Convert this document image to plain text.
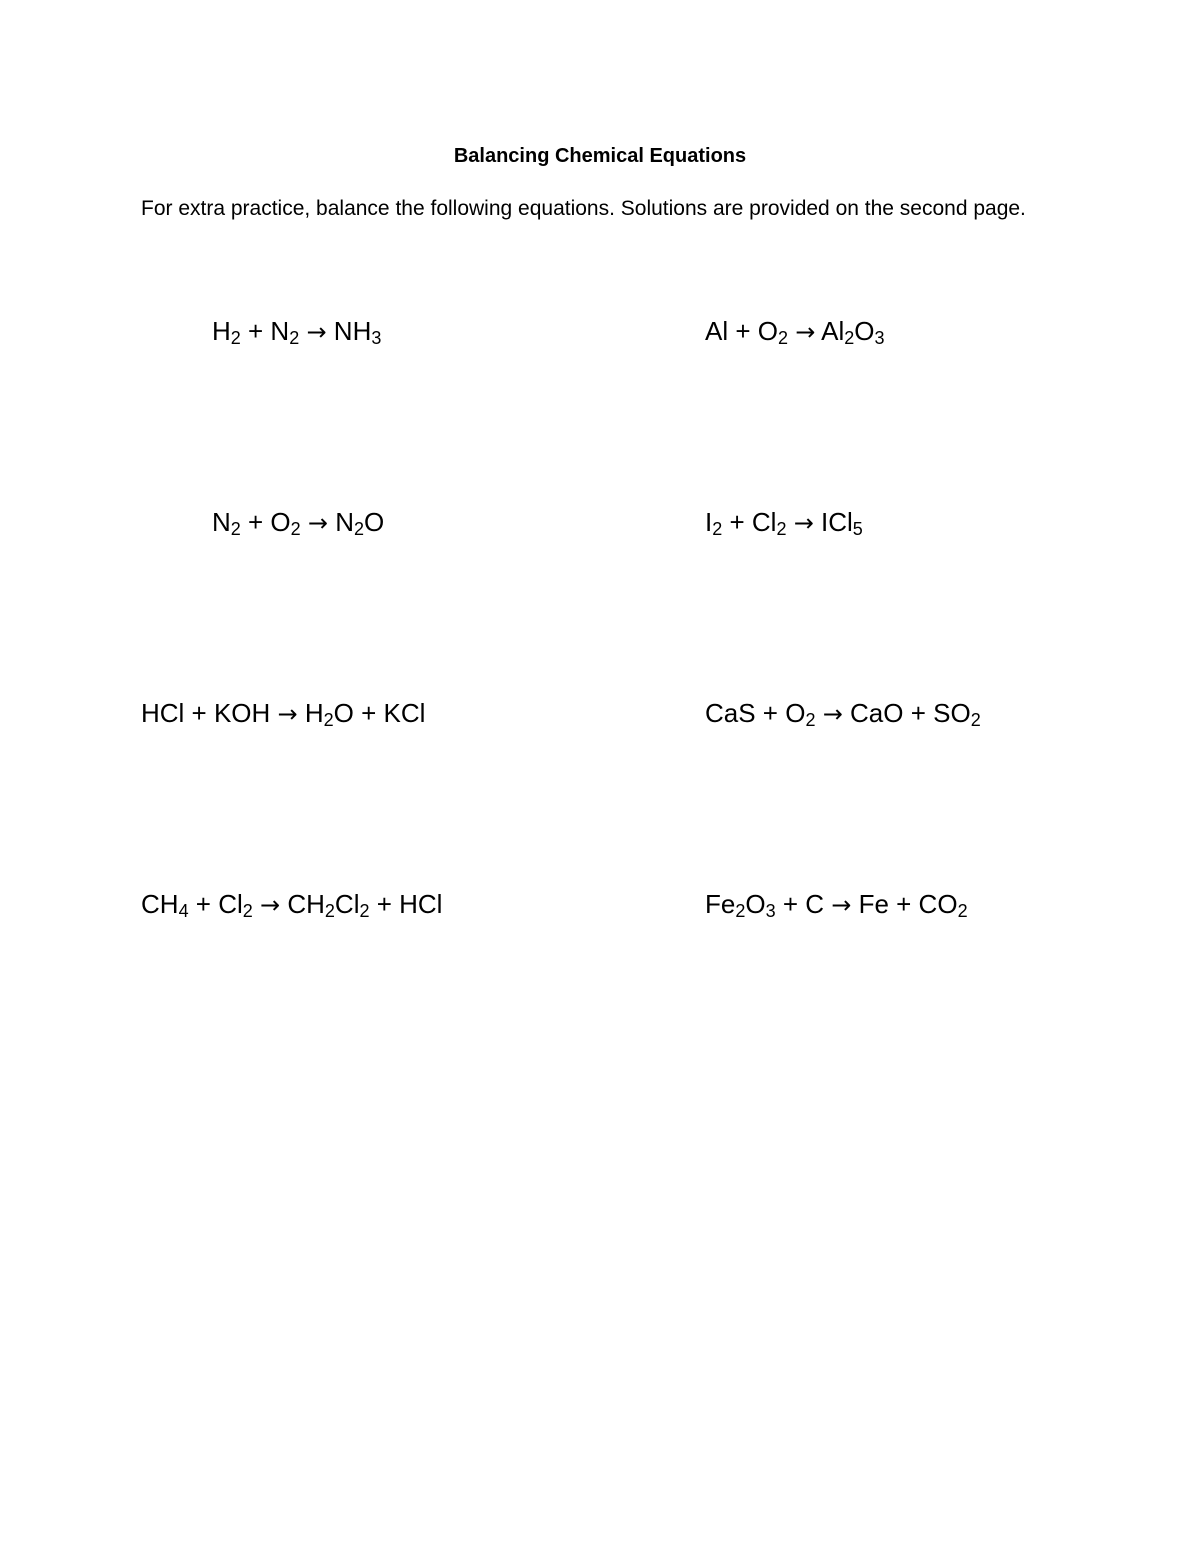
Balancing Chemical Equations
For extra practice, balance the following equations. Solutions are provided on the second page.
$H_2 + N_2 \to NH_3$	$Al + O_2 \to Al_2O_3$
$N_2 + O_2 \to N_2O$	$I_2 + Cl_2 \to ICl_5$
HCl + KOH → $H_2O$ + KCl	CaS + $O_2$ → CaO + $SO_2$
$CH_4 + Cl_2 \to CH_2Cl_2$ + HCl	$Fe_2O_3 + C \to Fe + CO_2$
